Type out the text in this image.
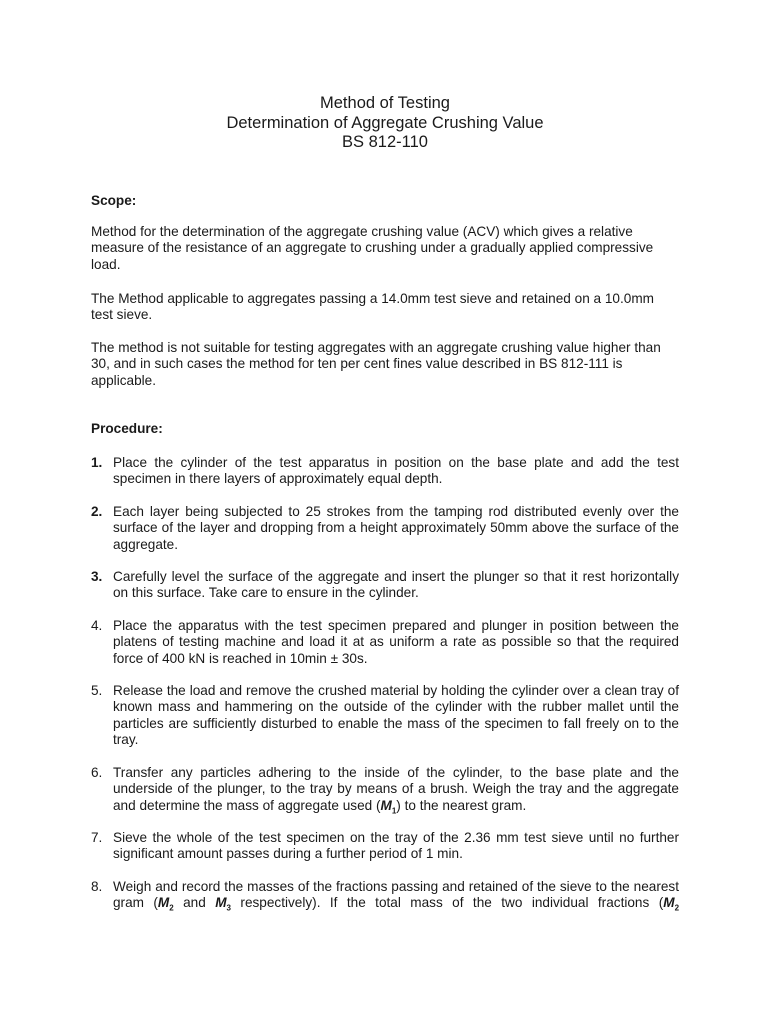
Method of Testing
Determination of Aggregate Crushing Value
BS 812-110
Scope:
Method for the determination of the aggregate crushing value (ACV) which gives a relative measure of the resistance of an aggregate to crushing under a gradually applied compressive load.
The Method applicable to aggregates passing a 14.0mm test sieve and retained on a 10.0mm test sieve.
The method is not suitable for testing aggregates with an aggregate crushing value higher than 30, and in such cases the method for ten per cent fines value described in BS 812-111 is applicable.
Procedure:
1. Place the cylinder of the test apparatus in position on the base plate and add the test specimen in there layers of approximately equal depth.
2. Each layer being subjected to 25 strokes from the tamping rod distributed evenly over the surface of the layer and dropping from a height approximately 50mm above the surface of the aggregate.
3. Carefully level the surface of the aggregate and insert the plunger so that it rest horizontally on this surface. Take care to ensure in the cylinder.
4. Place the apparatus with the test specimen prepared and plunger in position between the platens of testing machine and load it at as uniform a rate as possible so that the required force of 400 kN is reached in 10min ± 30s.
5. Release the load and remove the crushed material by holding the cylinder over a clean tray of known mass and hammering on the outside of the cylinder with the rubber mallet until the particles are sufficiently disturbed to enable the mass of the specimen to fall freely on to the tray.
6. Transfer any particles adhering to the inside of the cylinder, to the base plate and the underside of the plunger, to the tray by means of a brush. Weigh the tray and the aggregate and determine the mass of aggregate used $(M_1)$ to the nearest gram.
7. Sieve the whole of the test specimen on the tray of the 2.36 mm test sieve until no further significant amount passes during a further period of 1 min.
8. Weigh and record the masses of the fractions passing and retained of the sieve to the nearest gram ($M_2$ and $M_3$ respectively). If the total mass of the two individual fractions ($M_2$
